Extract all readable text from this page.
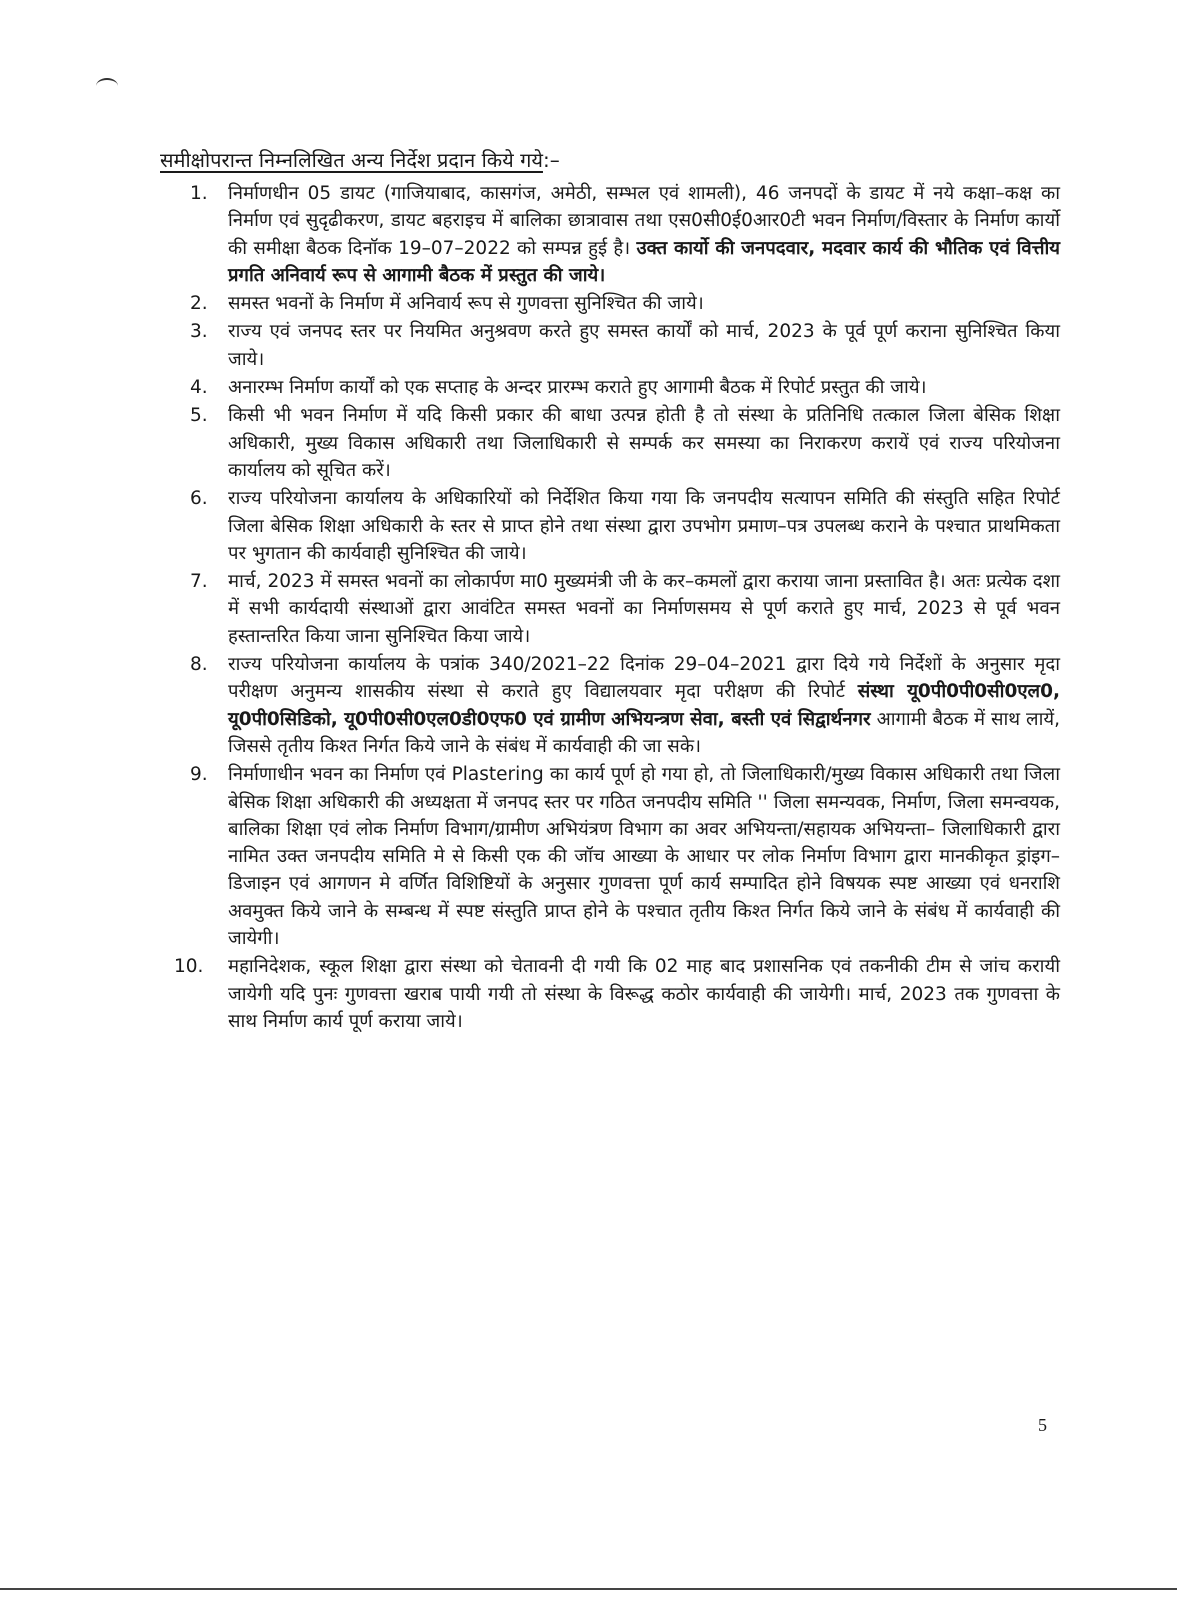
समीक्षोपरान्त निम्नलिखित अन्य निर्देश प्रदान किये गये:–
1. निर्माणधीन 05 डायट (गाजियाबाद, कासगंज, अमेठी, सम्भल एवं शामली), 46 जनपदों के डायट में नये कक्षा–कक्ष का निर्माण एवं सुदृढीकरण, डायट बहराइच में बालिका छात्रावास तथा एस0सी0ई0आर0टी भवन निर्माण/विस्तार के निर्माण कार्यो की समीक्षा बैठक दिनॉक 19–07–2022 को सम्पन्न हुई है। उक्त कार्यो की जनपदवार, मदवार कार्य की भौतिक एवं वित्तीय प्रगति अनिवार्य रूप से आगामी बैठक में प्रस्तुत की जाये।
2. समस्त भवनों के निर्माण में अनिवार्य रूप से गुणवत्ता सुनिश्चित की जाये।
3. राज्य एवं जनपद स्तर पर नियमित अनुश्रवण करते हुए समस्त कार्यों को मार्च, 2023 के पूर्व पूर्ण कराना सुनिश्चित किया जाये।
4. अनारम्भ निर्माण कार्यों को एक सप्ताह के अन्दर प्रारम्भ कराते हुए आगामी बैठक में रिपोर्ट प्रस्तुत की जाये।
5. किसी भी भवन निर्माण में यदि किसी प्रकार की बाधा उत्पन्न होती है तो संस्था के प्रतिनिधि तत्काल जिला बेसिक शिक्षा अधिकारी, मुख्य विकास अधिकारी तथा जिलाधिकारी से सम्पर्क कर समस्या का निराकरण करायें एवं राज्य परियोजना कार्यालय को सूचित करें।
6. राज्य परियोजना कार्यालय के अधिकारियों को निर्देशित किया गया कि जनपदीय सत्यापन समिति की संस्तुति सहित रिपोर्ट जिला बेसिक शिक्षा अधिकारी के स्तर से प्राप्त होने तथा संस्था द्वारा उपभोग प्रमाण–पत्र उपलब्ध कराने के पश्चात प्राथमिकता पर भुगतान की कार्यवाही सुनिश्चित की जाये।
7. मार्च, 2023 में समस्त भवनों का लोकार्पण मा0 मुख्यमंत्री जी के कर–कमलों द्वारा कराया जाना प्रस्तावित है। अतः प्रत्येक दशा में सभी कार्यदायी संस्थाओं द्वारा आवंटित समस्त भवनों का निर्माणसमय से पूर्ण कराते हुए मार्च, 2023 से पूर्व भवन हस्तान्तरित किया जाना सुनिश्चित किया जाये।
8. राज्य परियोजना कार्यालय के पत्रांक 340/2021–22 दिनांक 29–04–2021 द्वारा दिये गये निर्देशों के अनुसार मृदा परीक्षण अनुमन्य शासकीय संस्था से कराते हुए विद्यालयवार मृदा परीक्षण की रिपोर्ट संस्था यू0पी0पी0सी0एल0, यू0पी0सिडिको, यू0पी0सी0एल0डी0एफ0 एवं ग्रामीण अभियन्त्रण सेवा, बस्ती एवं सिद्वार्थनगर आगामी बैठक में साथ लायें, जिससे तृतीय किश्त निर्गत किये जाने के संबंध में कार्यवाही की जा सके।
9. निर्माणाधीन भवन का निर्माण एवं Plastering का कार्य पूर्ण हो गया हो, तो जिलाधिकारी/मुख्य विकास अधिकारी तथा जिला बेसिक शिक्षा अधिकारी की अध्यक्षता में जनपद स्तर पर गठित जनपदीय समिति '' जिला समन्यवक, निर्माण, जिला समन्वयक, बालिका शिक्षा एवं लोक निर्माण विभाग/ग्रामीण अभियंत्रण विभाग का अवर अभियन्ता/सहायक अभियन्ता– जिलाधिकारी द्वारा नामित उक्त जनपदीय समिति मे से किसी एक की जॉच आख्या के आधार पर लोक निर्माण विभाग द्वारा मानकीकृत ड्रांइग–डिजाइन एवं आगणन मे वर्णित विशिष्टियों के अनुसार गुणवत्ता पूर्ण कार्य सम्पादित होने विषयक स्पष्ट आख्या एवं धनराशि अवमुक्त किये जाने के सम्बन्ध में स्पष्ट संस्तुति प्राप्त होने के पश्चात तृतीय किश्त निर्गत किये जाने के संबंध में कार्यवाही की जायेगी।
10. महानिदेशक, स्कूल शिक्षा द्वारा संस्था को चेतावनी दी गयी कि 02 माह बाद प्रशासनिक एवं तकनीकी टीम से जांच करायी जायेगी यदि पुनः गुणवत्ता खराब पायी गयी तो संस्था के विरूद्ध कठोर कार्यवाही की जायेगी। मार्च, 2023 तक गुणवत्ता के साथ निर्माण कार्य पूर्ण कराया जाये।
5
